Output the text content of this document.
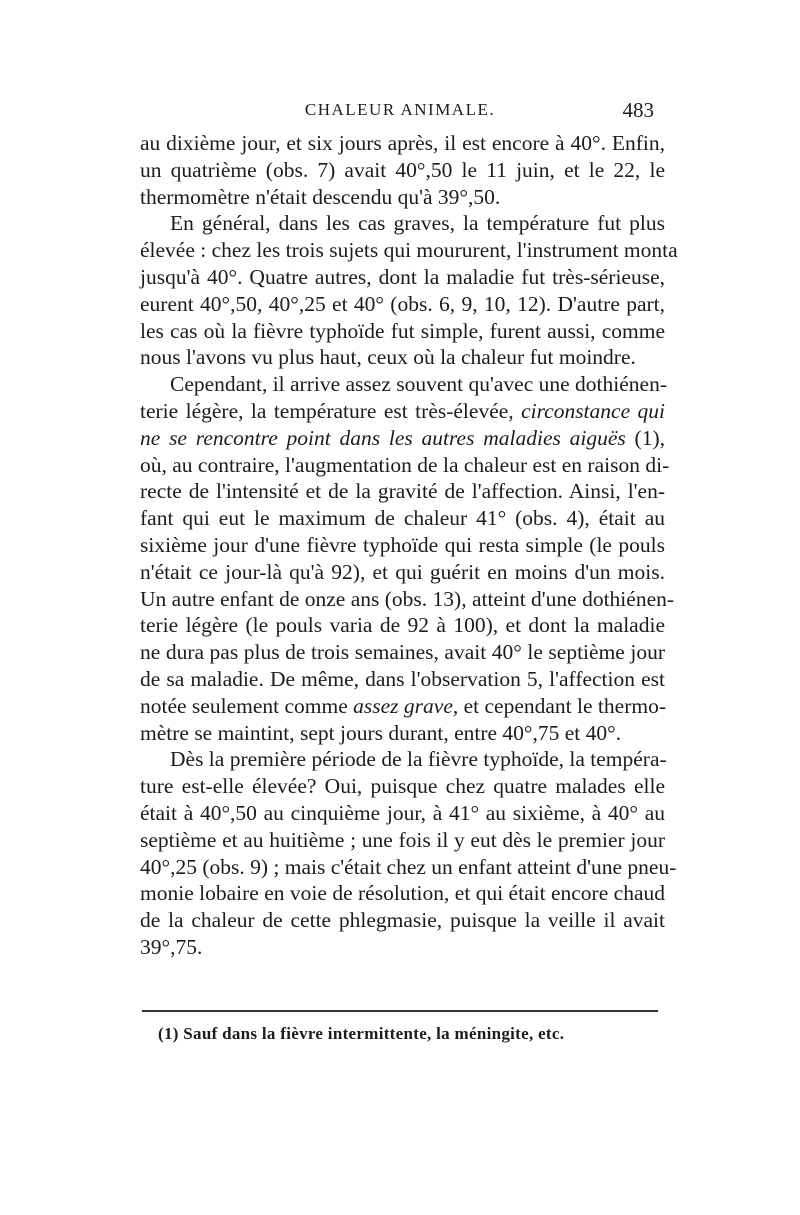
CHALEUR ANIMALE.	483
au dixième jour, et six jours après, il est encore à 40°. Enfin,
un quatrième (obs. 7) avait 40°,50 le 11 juin, et le 22, le
thermomètre n'était descendu qu'à 39°,50.
En général, dans les cas graves, la température fut plus
élevée : chez les trois sujets qui moururent, l'instrument monta
jusqu'à 40°. Quatre autres, dont la maladie fut très-sérieuse,
eurent 40°,50, 40°,25 et 40° (obs. 6, 9, 10, 12). D'autre part,
les cas où la fièvre typhoïde fut simple, furent aussi, comme
nous l'avons vu plus haut, ceux où la chaleur fut moindre.
Cependant, il arrive assez souvent qu'avec une dothiénen-
terie légère, la température est très-élevée, circonstance qui
ne se rencontre point dans les autres maladies aiguës (1),
où, au contraire, l'augmentation de la chaleur est en raison di-
recte de l'intensité et de la gravité de l'affection. Ainsi, l'en-
fant qui eut le maximum de chaleur 41° (obs. 4), était au
sixième jour d'une fièvre typhoïde qui resta simple (le pouls
n'était ce jour-là qu'à 92), et qui guérit en moins d'un mois.
Un autre enfant de onze ans (obs. 13), atteint d'une dothiénen-
terie légère (le pouls varia de 92 à 100), et dont la maladie
ne dura pas plus de trois semaines, avait 40° le septième jour
de sa maladie. De même, dans l'observation 5, l'affection est
notée seulement comme assez grave, et cependant le thermo-
mètre se maintint, sept jours durant, entre 40°,75 et 40°.
Dès la première période de la fièvre typhoïde, la tempéra-
ture est-elle élevée? Oui, puisque chez quatre malades elle
était à 40°,50 au cinquième jour, à 41° au sixième, à 40° au
septième et au huitième ; une fois il y eut dès le premier jour
40°,25 (obs. 9) ; mais c'était chez un enfant atteint d'une pneu-
monie lobaire en voie de résolution, et qui était encore chaud
de la chaleur de cette phlegmasie, puisque la veille il avait
39°,75.
(1) Sauf dans la fièvre intermittente, la méningite, etc.
